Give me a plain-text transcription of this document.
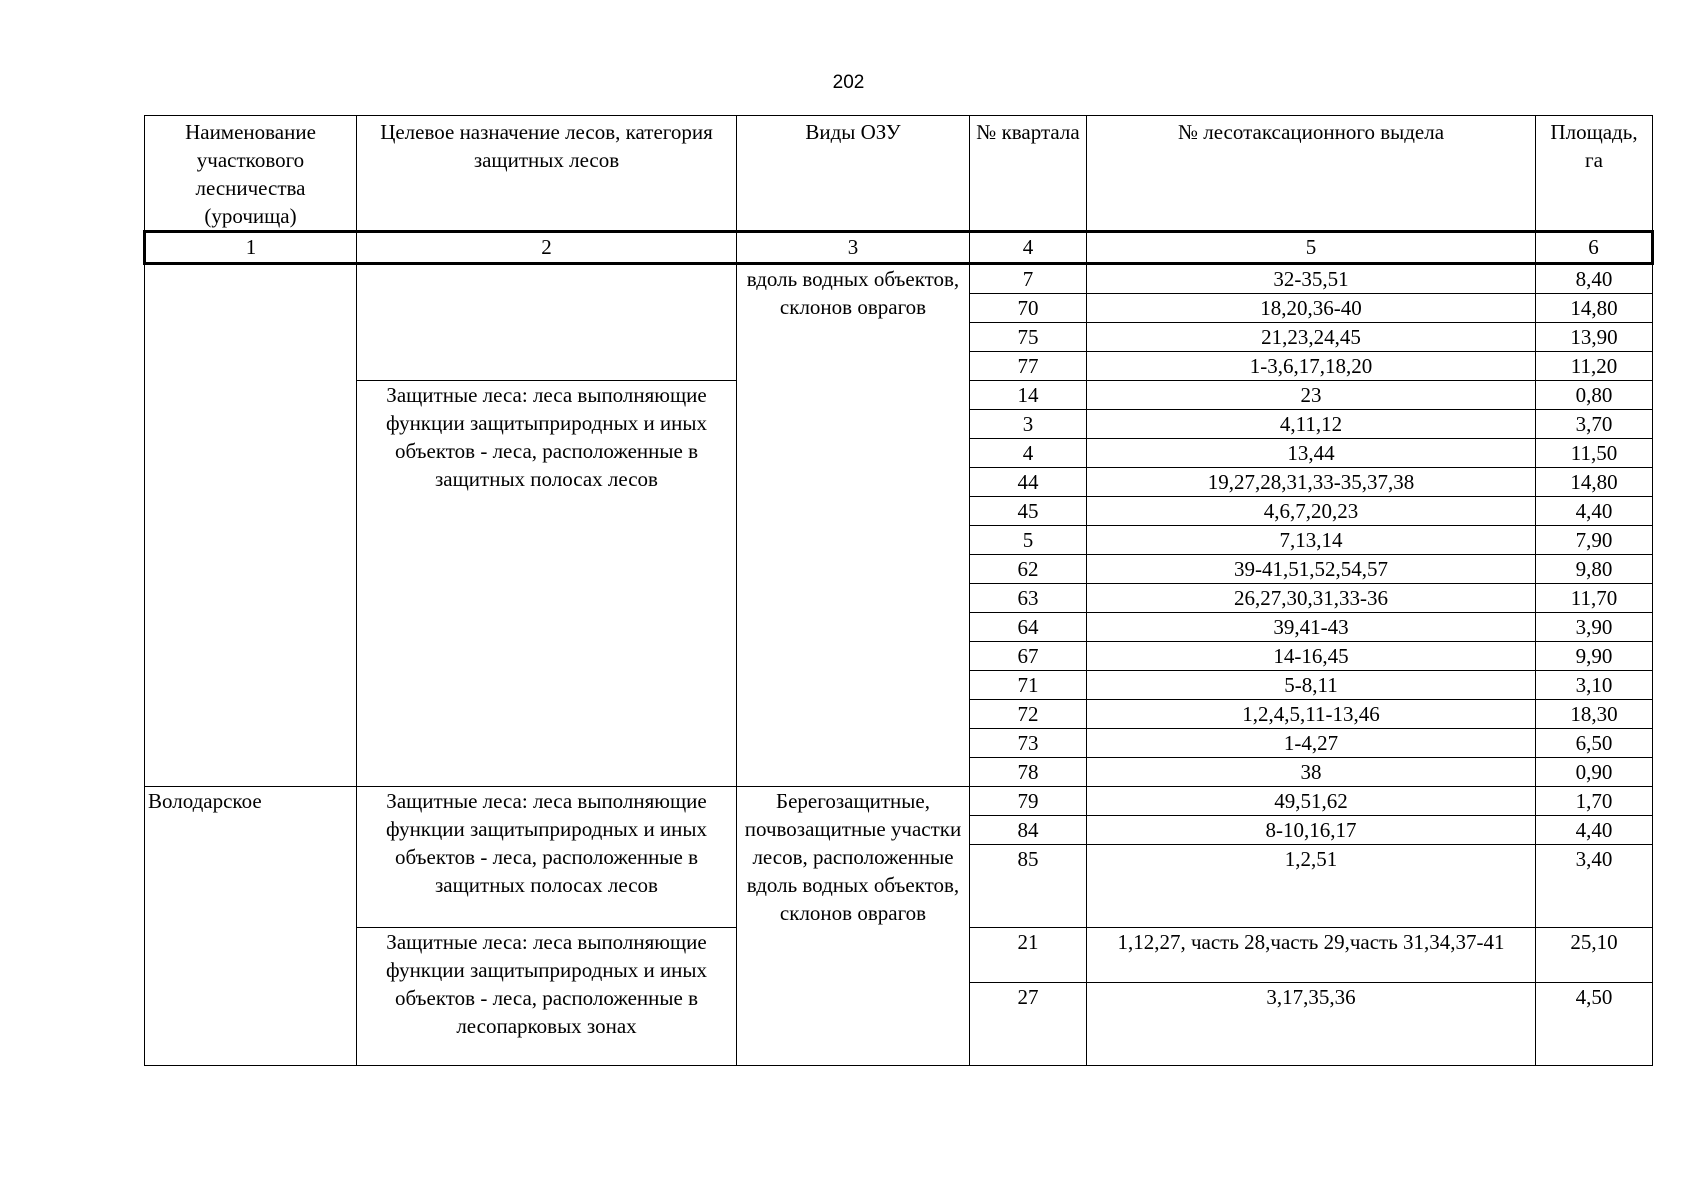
202
Наименование участкового лесничества (урочища)	Целевое назначение лесов, категория защитных лесов	Виды ОЗУ	№ квартала	№ лесотаксационного выдела	Площадь, га
1	2	3	4	5	6
		вдоль водных объектов, склонов оврагов	7	32-35,51	8,40
			70	18,20,36-40	14,80
			75	21,23,24,45	13,90
			77	1-3,6,17,18,20	11,20
	Защитные леса: леса выполняющие функции защитыприродных и иных объектов - леса, расположенные в защитных полосах лесов		14	23	0,80
			3	4,11,12	3,70
			4	13,44	11,50
			44	19,27,28,31,33-35,37,38	14,80
			45	4,6,7,20,23	4,40
			5	7,13,14	7,90
			62	39-41,51,52,54,57	9,80
			63	26,27,30,31,33-36	11,70
			64	39,41-43	3,90
			67	14-16,45	9,90
			71	5-8,11	3,10
			72	1,2,4,5,11-13,46	18,30
			73	1-4,27	6,50
			78	38	0,90
Володарское	Защитные леса: леса выполняющие функции защитыприродных и иных объектов - леса, расположенные в защитных полосах лесов	Берегозащитные, почвозащитные участки лесов, расположенные вдоль водных объектов, склонов оврагов	79	49,51,62	1,70
			84	8-10,16,17	4,40
			85	1,2,51	3,40
	Защитные леса: леса выполняющие функции защитыприродных и иных объектов - леса, расположенные в лесопарковых зонах		21	1,12,27, часть 28,часть 29,часть 31,34,37-41	25,10
			27	3,17,35,36	4,50
